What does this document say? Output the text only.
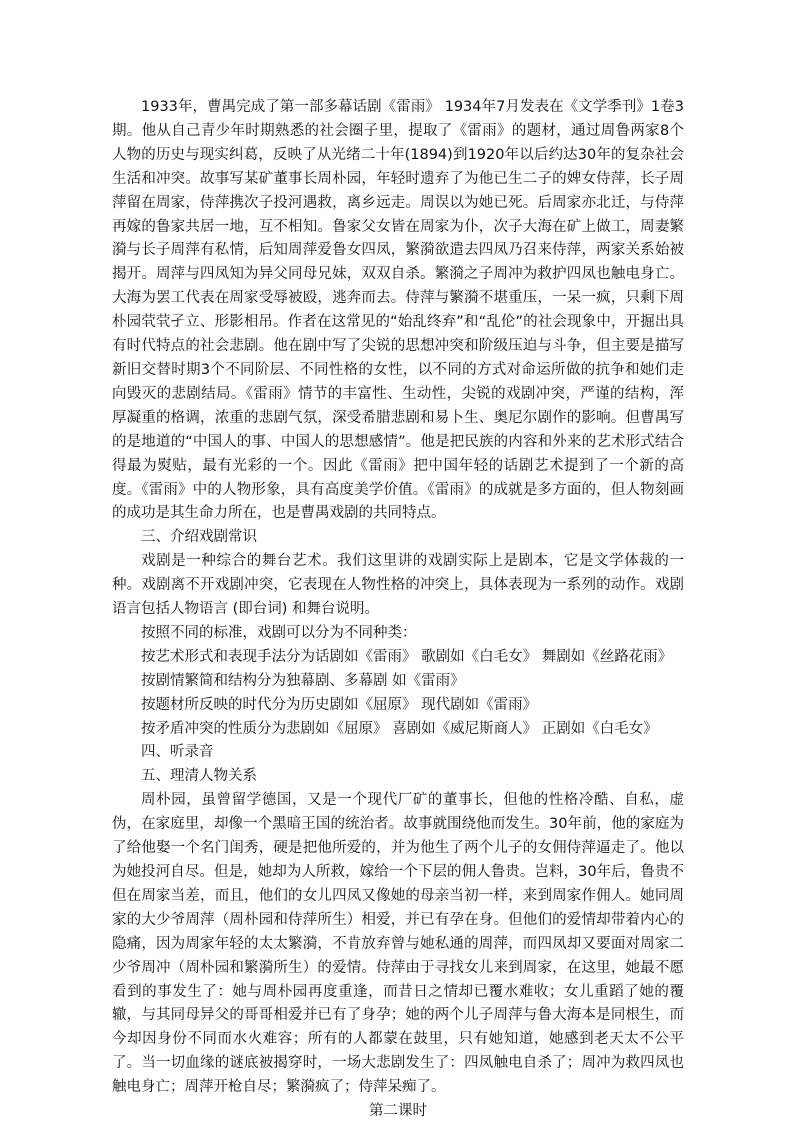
1933年，曹禺完成了第一部多幕话剧《雷雨》 1934年7月发表在《文学季刊》1卷3期。他从自己青少年时期熟悉的社会圈子里，提取了《雷雨》的题材，通过周鲁两家8个人物的历史与现实纠葛，反映了从光绪二十年(1894)到1920年以后约达30年的复杂社会生活和冲突。故事写某矿董事长周朴园，年轻时遗弃了为他已生二子的婢女侍萍，长子周萍留在周家，侍萍携次子投河遇救，离乡远走。周误以为她已死。后周家亦北迁，与侍萍再嫁的鲁家共居一地，互不相知。鲁家父女皆在周家为仆，次子大海在矿上做工，周妻繁漪与长子周萍有私情，后知周萍爱鲁女四凤，繁漪欲遣去四凤乃召来侍萍，两家关系始被揭开。周萍与四凤知为异父同母兄妹，双双自杀。繁漪之子周冲为救护四凤也触电身亡。大海为罢工代表在周家受辱被殴，逃奔而去。侍萍与繁漪不堪重压，一呆一疯，只剩下周朴园茕茕孑立、形影相吊。作者在这常见的“始乱终弃”和“乱伦”的社会现象中，开掘出具有时代特点的社会悲剧。他在剧中写了尖锐的思想冲突和阶级压迫与斗争，但主要是描写新旧交替时期3个不同阶层、不同性格的女性，以不同的方式对命运所做的抗争和她们走向毁灭的悲剧结局。《雷雨》情节的丰富性、生动性，尖锐的戏剧冲突，严谨的结构，浑厚凝重的格调，浓重的悲剧气氛，深受希腊悲剧和易卜生、奥尼尔剧作的影响。但曹禺写的是地道的“中国人的事、中国人的思想感情”。他是把民族的内容和外来的艺术形式结合得最为熨贴，最有光彩的一个。因此《雷雨》把中国年轻的话剧艺术提到了一个新的高度。《雷雨》中的人物形象，具有高度美学价值。《雷雨》的成就是多方面的，但人物刻画的成功是其生命力所在，也是曹禺戏剧的共同特点。

三、介绍戏剧常识

戏剧是一种综合的舞台艺术。我们这里讲的戏剧实际上是剧本，它是文学体裁的一种。戏剧离不开戏剧冲突，它表现在人物性格的冲突上，具体表现为一系列的动作。戏剧语言包括人物语言 (即台词) 和舞台说明。

按照不同的标准，戏剧可以分为不同种类：

按艺术形式和表现手法分为话剧如《雷雨》 歌剧如《白毛女》 舞剧如《丝路花雨》

按剧情繁简和结构分为独幕剧、多幕剧 如《雷雨》

按题材所反映的时代分为历史剧如《屈原》 现代剧如《雷雨》

按矛盾冲突的性质分为悲剧如《屈原》 喜剧如《威尼斯商人》 正剧如《白毛女》

四、听录音

五、理清人物关系

周朴园，虽曾留学德国，又是一个现代厂矿的董事长，但他的性格冷酷、自私，虚伪，在家庭里，却像一个黑暗王国的统治者。故事就围绕他而发生。30年前，他的家庭为了给他娶一个名门闺秀，硬是把他所爱的，并为他生了两个儿子的女佣侍萍逼走了。他以为她投河自尽。但是，她却为人所救，嫁给一个下层的佣人鲁贵。岂料，30年后，鲁贵不但在周家当差，而且，他们的女儿四凤又像她的母亲当初一样，来到周家作佣人。她同周家的大少爷周萍（周朴园和侍萍所生）相爱，并已有孕在身。但他们的爱情却带着内心的隐痛，因为周家年轻的太太繁漪，不肯放弃曾与她私通的周萍，而四凤却又要面对周家二少爷周冲（周朴园和繁漪所生）的爱情。侍萍由于寻找女儿来到周家，在这里，她最不愿看到的事发生了：她与周朴园再度重逢，而昔日之情却已覆水难收；女儿重蹈了她的覆辙，与其同母异父的哥哥相爱并已有了身孕；她的两个儿子周萍与鲁大海本是同根生，而今却因身份不同而水火难容；所有的人都蒙在鼓里，只有她知道，她感到老天太不公平了。当一切血缘的谜底被揭穿时，一场大悲剧发生了：四凤触电自杀了；周冲为救四凤也触电身亡；周萍开枪自尽；繁漪疯了；侍萍呆痴了。

第二课时
